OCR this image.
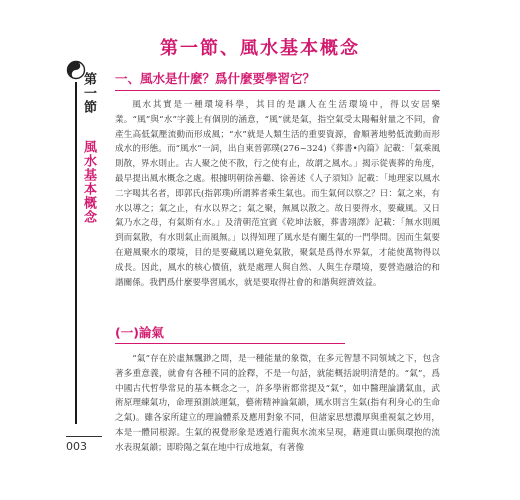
第一節、風水基本概念
第一節 風水基本概念
一、風水是什麼？爲什麼要學習它？

風水其實是一種環境科學，其目的是讓人在生活環境中，得以安居樂業。“風”與“水”字義上有個別的涵意，“風”就是氣，指空氣受太陽輻射量之不同，會產生高低氣壓流動而形成風；“水”就是人類生活的重要資源，會順著地勢低流動而形成水的形態。而“風水”一詞，出自東晉郭璞(276~324)《葬書•內篇》記載：「氣乘風則散，界水則止。古人聚之使不散，行之使有止，故謂之風水。」揭示從喪葬的角度，最早提出風水概念之處。根據明朝徐善繼、徐善述《人子須知》記載：「地理家以風水二字喝其名者，即郭氏(指郭璞)所謂葬者乘生氣也。而生氣何以察之？曰：氣之來，有水以導之；氣之止，有水以界之；氣之聚，無風以散之。故日要得水，要藏風。又日氣乃水之母，有氣斯有水。」及清朝范宜賓《乾坤法竅，葬書翊譯》記載：「無水則風到而氣散，有水則氣止而風無。」以得知理了風水是有關生氣的一門學問。因而生氣要在避風聚水的環境，目的是要藏風以避免氣散，聚氣是爲得水界氣，才能使萬物得以成長。因此，風水的核心價值，就是處理人與自然、人與生存環境，要營造融洽的和諧關係。我們爲什麼要學習風水，就是要取得社會的和諧與經濟效益。

(一)論氣

“氣”存在於虛無飄渺之間，是一種能量的象徵，在多元智慧不同領域之下，包含著多重意義，就會有各種不同的詮釋，不是一句話，就能概括說明清楚的。“氣”，爲中國古代哲學常見的基本概念之一，許多學術都常提及“氣”，如中醫理論講氣血，武術原理練氣功，命理預測談運氣，藝術精神論氣韻，風水則言生氣(指有利身心的生命之氣)。雖各家所建立的理論體系及應用對象不同，但諸家思想濃厚與重視氣之妙用，本是一體同根源。生氣的視覺形象是透過行龍與水流來呈現，藉連貫山脈與環抱的流水表現氣韻；即聆陽之氣在地中行成地氣，有著像

003
